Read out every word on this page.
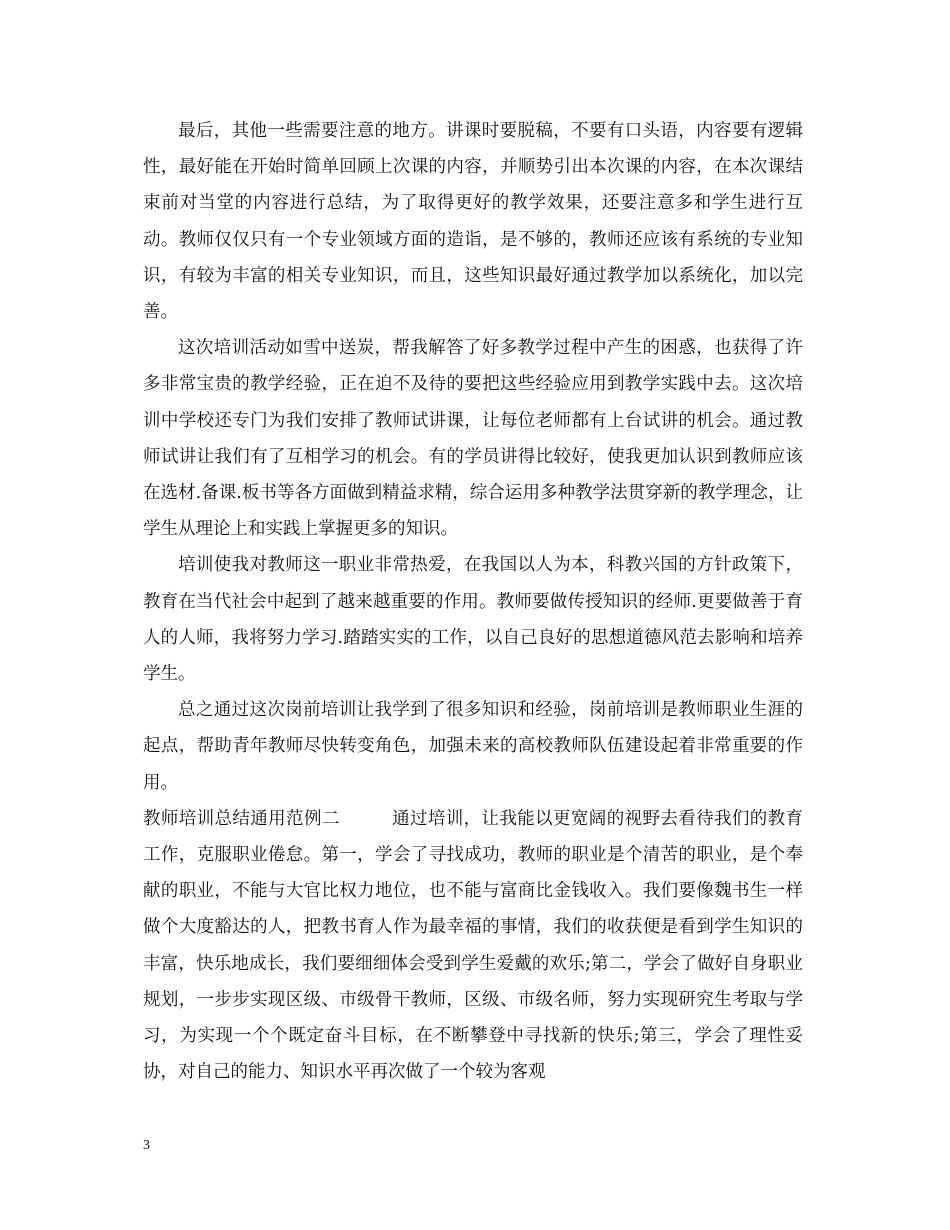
最后，其他一些需要注意的地方。讲课时要脱稿，不要有口头语，内容要有逻辑性，最好能在开始时简单回顾上次课的内容，并顺势引出本次课的内容，在本次课结束前对当堂的内容进行总结，为了取得更好的教学效果，还要注意多和学生进行互动。教师仅仅只有一个专业领域方面的造诣，是不够的，教师还应该有系统的专业知识，有较为丰富的相关专业知识，而且，这些知识最好通过教学加以系统化，加以完善。

这次培训活动如雪中送炭，帮我解答了好多教学过程中产生的困惑，也获得了许多非常宝贵的教学经验，正在迫不及待的要把这些经验应用到教学实践中去。这次培训中学校还专门为我们安排了教师试讲课，让每位老师都有上台试讲的机会。通过教师试讲让我们有了互相学习的机会。有的学员讲得比较好，使我更加认识到教师应该在选材.备课.板书等各方面做到精益求精，综合运用多种教学法贯穿新的教学理念，让学生从理论上和实践上掌握更多的知识。

培训使我对教师这一职业非常热爱，在我国以人为本，科教兴国的方针政策下，教育在当代社会中起到了越来越重要的作用。教师要做传授知识的经师.更要做善于育人的人师，我将努力学习.踏踏实实的工作，以自己良好的思想道德风范去影响和培养学生。

总之通过这次岗前培训让我学到了很多知识和经验，岗前培训是教师职业生涯的起点，帮助青年教师尽快转变角色，加强未来的高校教师队伍建设起着非常重要的作用。

教师培训总结通用范例二	通过培训，让我能以更宽阔的视野去看待我们的教育工作，克服职业倦怠。第一，学会了寻找成功，教师的职业是个清苦的职业，是个奉献的职业，不能与大官比权力地位，也不能与富商比金钱收入。我们要像魏书生一样做个大度豁达的人，把教书育人作为最幸福的事情，我们的收获便是看到学生知识的丰富，快乐地成长，我们要细细体会受到学生爱戴的欢乐;第二，学会了做好自身职业规划，一步步实现区级、市级骨干教师，区级、市级名师，努力实现研究生考取与学习，为实现一个个既定奋斗目标，在不断攀登中寻找新的快乐;第三，学会了理性妥协，对自己的能力、知识水平再次做了一个较为客观

3
